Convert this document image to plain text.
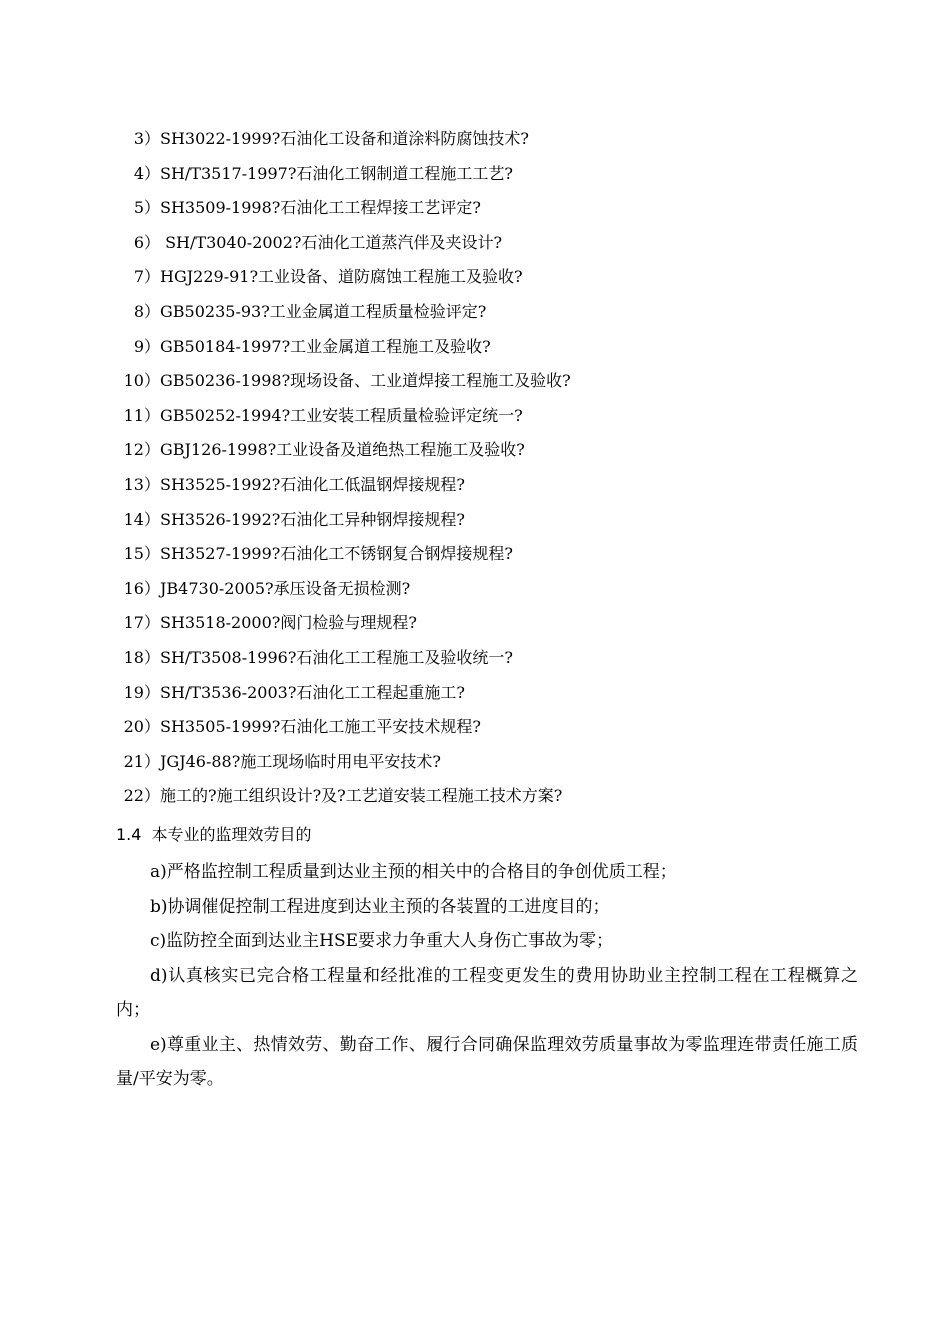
3）SH3022-1999?石油化工设备和道涂料防腐蚀技术?
4）SH/T3517-1997?石油化工钢制道工程施工工艺?
5）SH3509-1998?石油化工工程焊接工艺评定?
6） SH/T3040-2002?石油化工道蒸汽伴及夹设计?
7）HGJ229-91?工业设备、道防腐蚀工程施工及验收?
8）GB50235-93?工业金属道工程质量检验评定?
9）GB50184-1997?工业金属道工程施工及验收?
10）GB50236-1998?现场设备、工业道焊接工程施工及验收?
11）GB50252-1994?工业安装工程质量检验评定统一?
12）GBJ126-1998?工业设备及道绝热工程施工及验收?
13）SH3525-1992?石油化工低温钢焊接规程?
14）SH3526-1992?石油化工异种钢焊接规程?
15）SH3527-1999?石油化工不锈钢复合钢焊接规程?
16）JB4730-2005?承压设备无损检测?
17）SH3518-2000?阀门检验与理规程?
18）SH/T3508-1996?石油化工工程施工及验收统一?
19）SH/T3536-2003?石油化工工程起重施工?
20）SH3505-1999?石油化工施工平安技术规程?
21）JGJ46-88?施工现场临时用电平安技术?
22）施工的?施工组织设计?及?工艺道安装工程施工技术方案?
1.4 本专业的监理效劳目的

a)严格监控制工程质量到达业主预的相关中的合格目的争创优质工程；

b)协调催促控制工程进度到达业主预的各装置的工进度目的；

c)监防控全面到达业主HSE要求力争重大人身伤亡事故为零；

d)认真核实已完合格工程量和经批准的工程变更发生的费用协助业主控制工程在工程概算之内；

e)尊重业主、热情效劳、勤奋工作、履行合同确保监理效劳质量事故为零监理连带责任施工质量/平安为零。
